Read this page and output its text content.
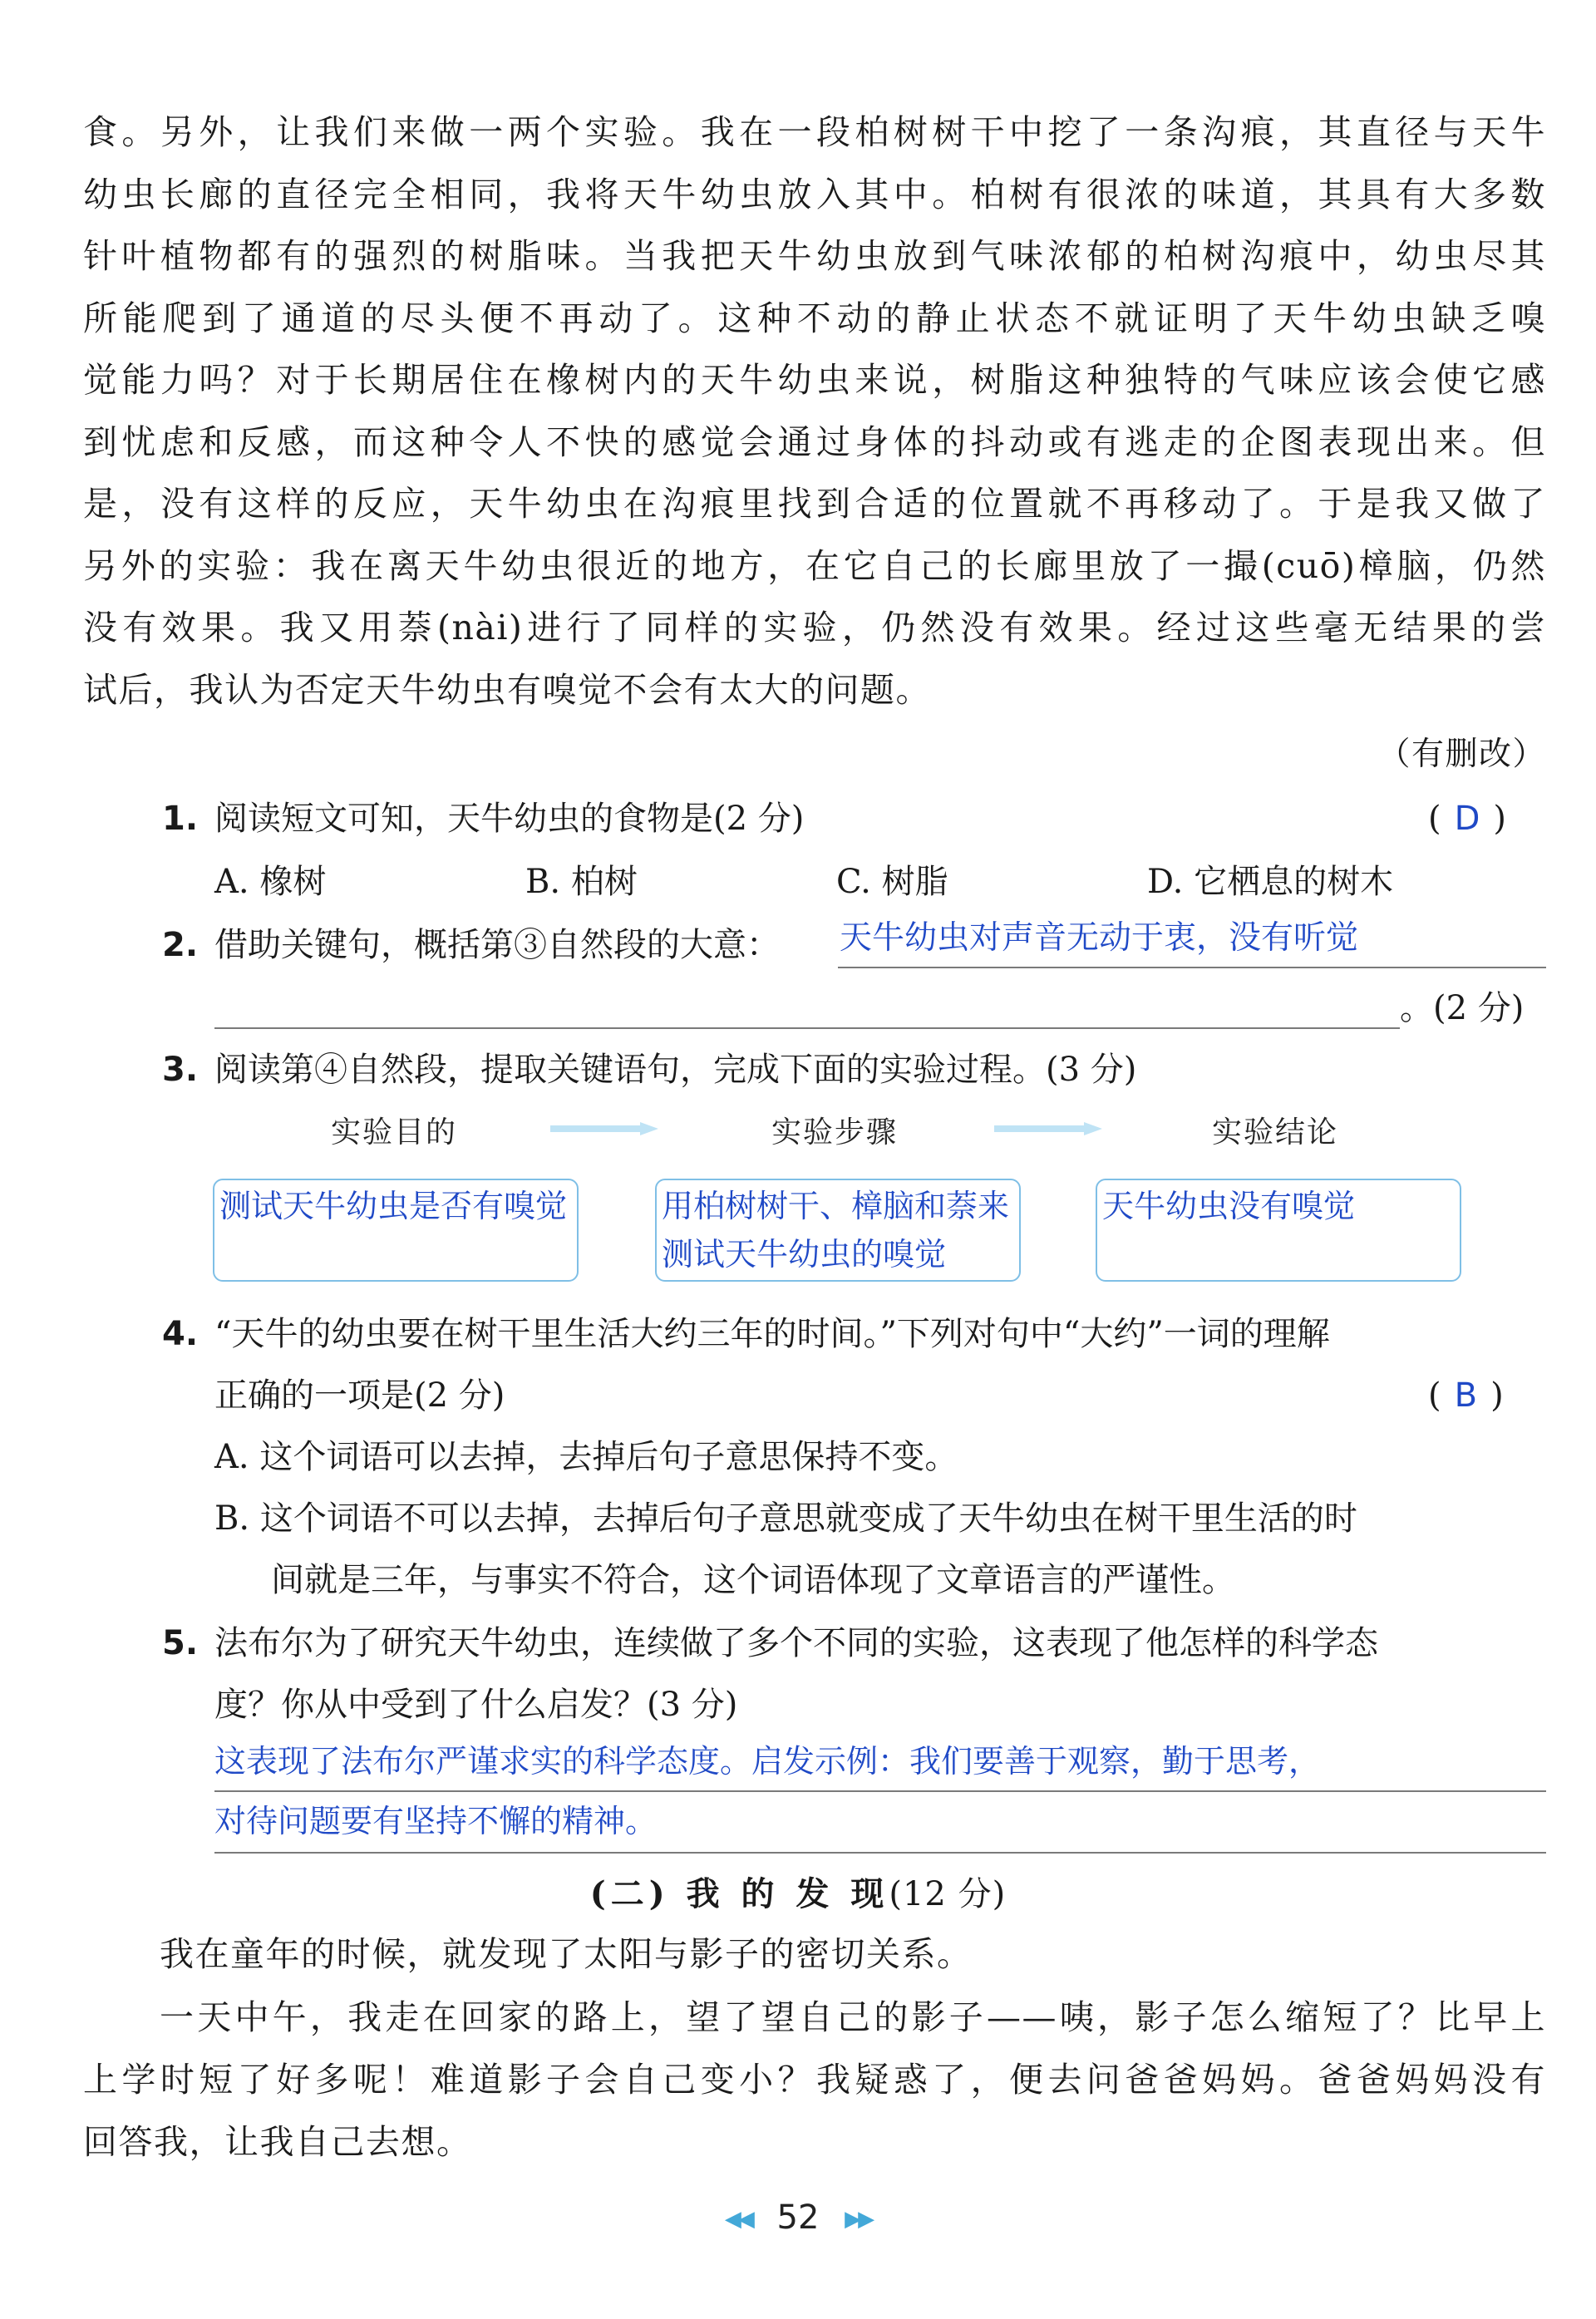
食。另外，让我们来做一两个实验。我在一段柏树树干中挖了一条沟痕，其直径与天牛

幼虫长廊的直径完全相同，我将天牛幼虫放入其中。柏树有很浓的味道，其具有大多数

针叶植物都有的强烈的树脂味。当我把天牛幼虫放到气味浓郁的柏树沟痕中，幼虫尽其

所能爬到了通道的尽头便不再动了。这种不动的静止状态不就证明了天牛幼虫缺乏嗅

觉能力吗？对于长期居住在橡树内的天牛幼虫来说，树脂这种独特的气味应该会使它感

到忧虑和反感，而这种令人不快的感觉会通过身体的抖动或有逃走的企图表现出来。但

是，没有这样的反应，天牛幼虫在沟痕里找到合适的位置就不再移动了。于是我又做了

另外的实验：我在离天牛幼虫很近的地方，在它自己的长廊里放了一撮(cuō)樟脑，仍然

没有效果。我又用萘(nài)进行了同样的实验，仍然没有效果。经过这些毫无结果的尝

试后，我认为否定天牛幼虫有嗅觉不会有太大的问题。

（有删改）

1. 阅读短文可知，天牛幼虫的食物是(2 分)	( D )
A. 橡树	B. 柏树	C. 树脂	D. 它栖息的树木
2. 借助关键句，概括第③自然段的大意： 天牛幼虫对声音无动于衷，没有听觉
。(2 分)
3. 阅读第④自然段，提取关键语句，完成下面的实验过程。(3 分)
实验目的	实验步骤	实验结论
测试天牛幼虫是否有嗅觉	用柏树树干、樟脑和萘来测试天牛幼虫的嗅觉
天牛幼虫没有嗅觉
4. “天牛的幼虫要在树干里生活大约三年的时间。”下列对句中“大约”一词的理解
正确的一项是(2 分)	( B )
A. 这个词语可以去掉，去掉后句子意思保持不变。
B. 这个词语不可以去掉，去掉后句子意思就变成了天牛幼虫在树干里生活的时
间就是三年，与事实不符合，这个词语体现了文章语言的严谨性。
5. 法布尔为了研究天牛幼虫，连续做了多个不同的实验，这表现了他怎样的科学态
度？你从中受到了什么启发？(3 分)
这表现了法布尔严谨求实的科学态度。启发示例：我们要善于观察，勤于思考，
对待问题要有坚持不懈的精神。
(二) 我 的 发 现(12 分)
我在童年的时候，就发现了太阳与影子的密切关系。
一天中午，我走在回家的路上，望了望自己的影子——咦，影子怎么缩短了？比早上
上学时短了好多呢！难道影子会自己变小？我疑惑了，便去问爸爸妈妈。爸爸妈妈没有
回答我，让我自己去想。
◀◀ 52 ▶▶
